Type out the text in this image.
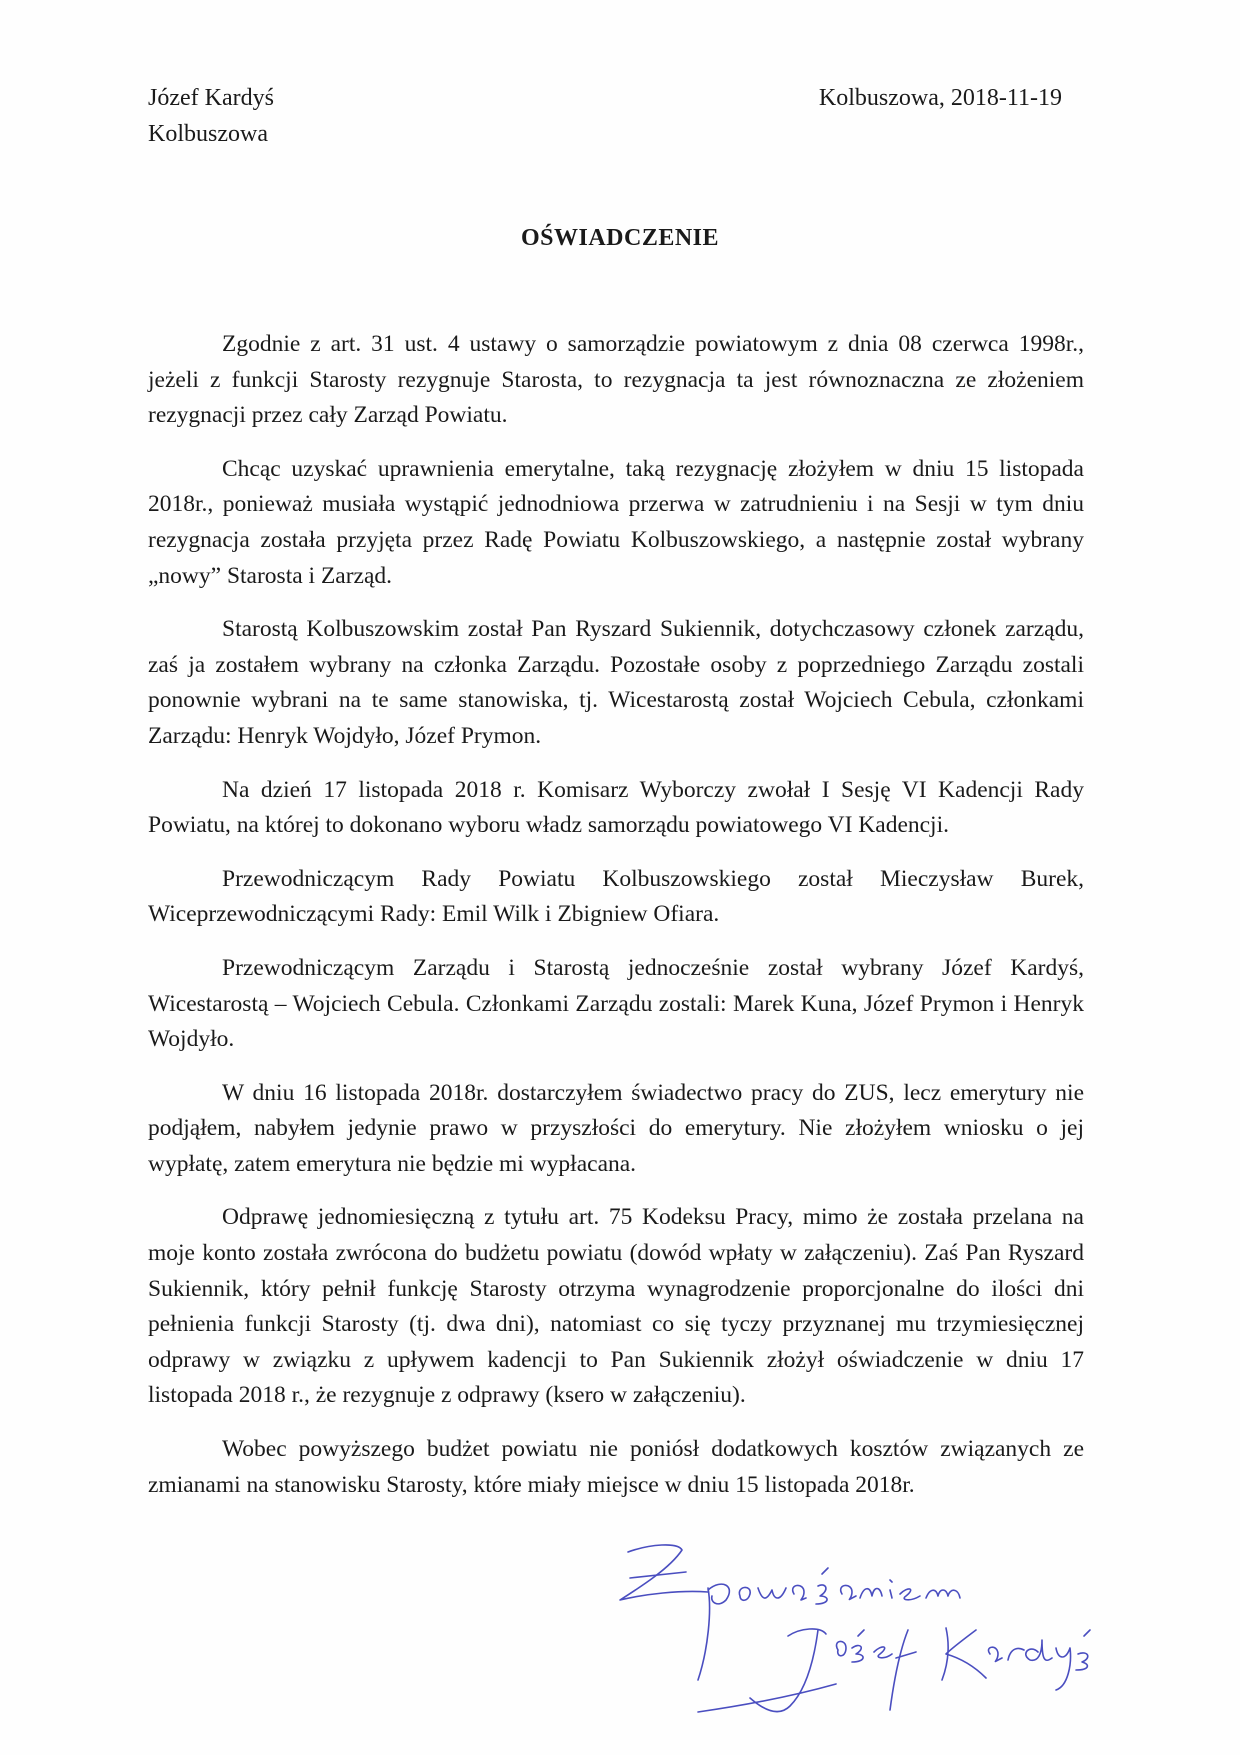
Józef Kardyś
Kolbuszowa
Kolbuszowa, 2018-11-19
OŚWIADCZENIE

Zgodnie z art. 31 ust. 4 ustawy o samorządzie powiatowym z dnia 08 czerwca 1998r., jeżeli z funkcji Starosty rezygnuje Starosta, to rezygnacja ta jest równoznaczna ze złożeniem rezygnacji przez cały Zarząd Powiatu.

Chcąc uzyskać uprawnienia emerytalne, taką rezygnację złożyłem w dniu 15 listopada 2018r., ponieważ musiała wystąpić jednodniowa przerwa w zatrudnieniu i na Sesji w tym dniu rezygnacja została przyjęta przez Radę Powiatu Kolbuszowskiego, a następnie został wybrany „nowy” Starosta i Zarząd.

Starostą Kolbuszowskim został Pan Ryszard Sukiennik, dotychczasowy członek zarządu, zaś ja zostałem wybrany na członka Zarządu. Pozostałe osoby z poprzedniego Zarządu zostali ponownie wybrani na te same stanowiska, tj. Wicestarostą został Wojciech Cebula, członkami Zarządu: Henryk Wojdyło, Józef Prymon.

Na dzień 17 listopada 2018 r. Komisarz Wyborczy zwołał I Sesję VI Kadencji Rady Powiatu, na której to dokonano wyboru władz samorządu powiatowego VI Kadencji.

Przewodniczącym Rady Powiatu Kolbuszowskiego został Mieczysław Burek, Wiceprzewodniczącymi Rady: Emil Wilk i Zbigniew Ofiara.

Przewodniczącym Zarządu i Starostą jednocześnie został wybrany Józef Kardyś, Wicestarostą – Wojciech Cebula. Członkami Zarządu zostali: Marek Kuna, Józef Prymon i Henryk Wojdyło.

W dniu 16 listopada 2018r. dostarczyłem świadectwo pracy do ZUS, lecz emerytury nie podjąłem, nabyłem jedynie prawo w przyszłości do emerytury. Nie złożyłem wniosku o jej wypłatę, zatem emerytura nie będzie mi wypłacana.

Odprawę jednomiesięczną z tytułu art. 75 Kodeksu Pracy, mimo że została przelana na moje konto została zwrócona do budżetu powiatu (dowód wpłaty w załączeniu). Zaś Pan Ryszard Sukiennik, który pełnił funkcję Starosty otrzyma wynagrodzenie proporcjonalne do ilości dni pełnienia funkcji Starosty (tj. dwa dni), natomiast co się tyczy przyznanej mu trzymiesięcznej odprawy w związku z upływem kadencji to Pan Sukiennik złożył oświadczenie w dniu 17 listopada 2018 r., że rezygnuje z odprawy (ksero w załączeniu).

Wobec powyższego budżet powiatu nie poniósł dodatkowych kosztów związanych ze zmianami na stanowisku Starosty, które miały miejsce w dniu 15 listopada 2018r.
